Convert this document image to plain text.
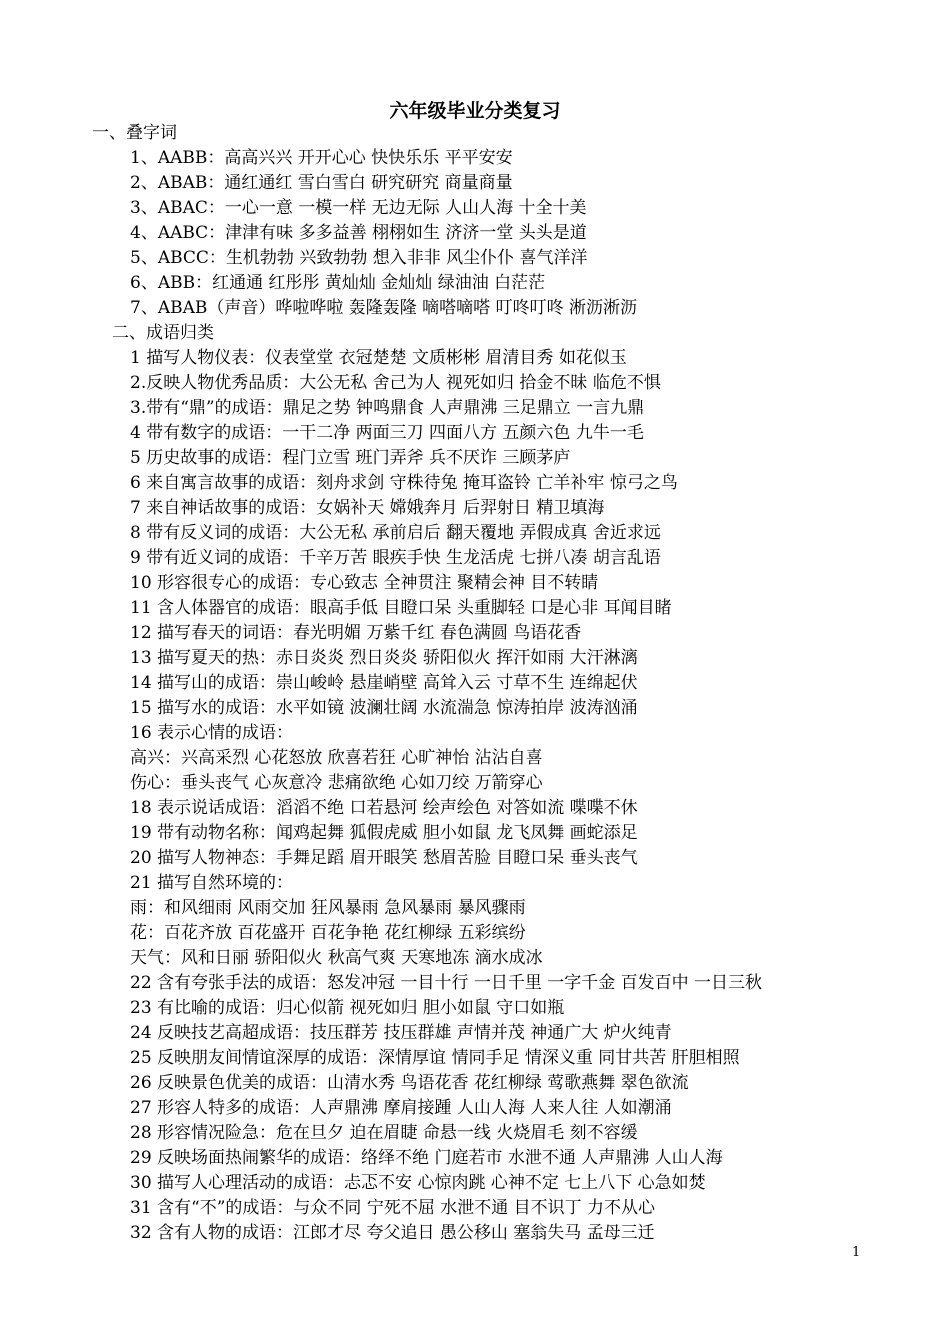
六年级毕业分类复习
一、叠字词
1、AABB：高高兴兴 开开心心 快快乐乐 平平安安
2、ABAB：通红通红 雪白雪白 研究研究 商量商量
3、ABAC：一心一意 一模一样 无边无际 人山人海 十全十美
4、AABC：津津有味 多多益善 栩栩如生 济济一堂 头头是道
5、ABCC：生机勃勃 兴致勃勃 想入非非 风尘仆仆 喜气洋洋
6、ABB：红通通 红彤彤 黄灿灿 金灿灿 绿油油 白茫茫
7、ABAB（声音）哗啦哗啦 轰隆轰隆 嘀嗒嘀嗒 叮咚叮咚 淅沥淅沥
二、成语归类
1 描写人物仪表：仪表堂堂 衣冠楚楚 文质彬彬 眉清目秀 如花似玉
2.反映人物优秀品质：大公无私 舍己为人 视死如归 拾金不昧 临危不惧
3.带有“鼎”的成语：鼎足之势 钟鸣鼎食 人声鼎沸 三足鼎立 一言九鼎
4 带有数字的成语：一干二净 两面三刀 四面八方 五颜六色 九牛一毛
5 历史故事的成语：程门立雪 班门弄斧 兵不厌诈 三顾茅庐
6 来自寓言故事的成语：刻舟求剑 守株待兔 掩耳盗铃 亡羊补牢 惊弓之鸟
7 来自神话故事的成语：女娲补天 嫦娥奔月 后羿射日 精卫填海
8 带有反义词的成语：大公无私 承前启后 翻天覆地 弄假成真 舍近求远
9 带有近义词的成语：千辛万苦 眼疾手快 生龙活虎 七拼八凑 胡言乱语
10 形容很专心的成语：专心致志 全神贯注 聚精会神 目不转睛
11 含人体器官的成语：眼高手低 目瞪口呆 头重脚轻 口是心非 耳闻目睹
12 描写春天的词语：春光明媚 万紫千红 春色满圆 鸟语花香
13 描写夏天的热：赤日炎炎 烈日炎炎 骄阳似火 挥汗如雨 大汗淋漓
14 描写山的成语：崇山峻岭 悬崖峭壁 高耸入云 寸草不生 连绵起伏
15 描写水的成语：水平如镜 波澜壮阔 水流湍急 惊涛拍岸 波涛汹涌
16 表示心情的成语：
高兴：兴高采烈 心花怒放 欣喜若狂 心旷神怡 沾沾自喜
伤心：垂头丧气 心灰意冷 悲痛欲绝 心如刀绞 万箭穿心
18 表示说话成语：滔滔不绝 口若悬河 绘声绘色 对答如流 喋喋不休
19 带有动物名称：闻鸡起舞 狐假虎威 胆小如鼠 龙飞凤舞 画蛇添足
20 描写人物神态：手舞足蹈 眉开眼笑 愁眉苦脸 目瞪口呆 垂头丧气
21 描写自然环境的：
雨：和风细雨 风雨交加 狂风暴雨 急风暴雨 暴风骤雨
花：百花齐放 百花盛开 百花争艳 花红柳绿 五彩缤纷
天气：风和日丽 骄阳似火 秋高气爽 天寒地冻 滴水成冰
22 含有夸张手法的成语：怒发冲冠 一目十行 一日千里 一字千金 百发百中 一日三秋
23 有比喻的成语：归心似箭 视死如归 胆小如鼠 守口如瓶
24 反映技艺高超成语：技压群芳 技压群雄 声情并茂 神通广大 炉火纯青
25 反映朋友间情谊深厚的成语：深情厚谊 情同手足 情深义重 同甘共苦 肝胆相照
26 反映景色优美的成语：山清水秀 鸟语花香 花红柳绿 莺歌燕舞 翠色欲流
27 形容人特多的成语：人声鼎沸 摩肩接踵 人山人海 人来人往 人如潮涌
28 形容情况险急：危在旦夕 迫在眉睫 命悬一线 火烧眉毛 刻不容缓
29 反映场面热闹繁华的成语：络绎不绝 门庭若市 水泄不通 人声鼎沸 人山人海
30 描写人心理活动的成语：忐忑不安 心惊肉跳 心神不定 七上八下 心急如焚
31 含有“不”的成语：与众不同 宁死不屈 水泄不通 目不识丁 力不从心
32 含有人物的成语：江郎才尽 夸父追日 愚公移山 塞翁失马 孟母三迁
1
